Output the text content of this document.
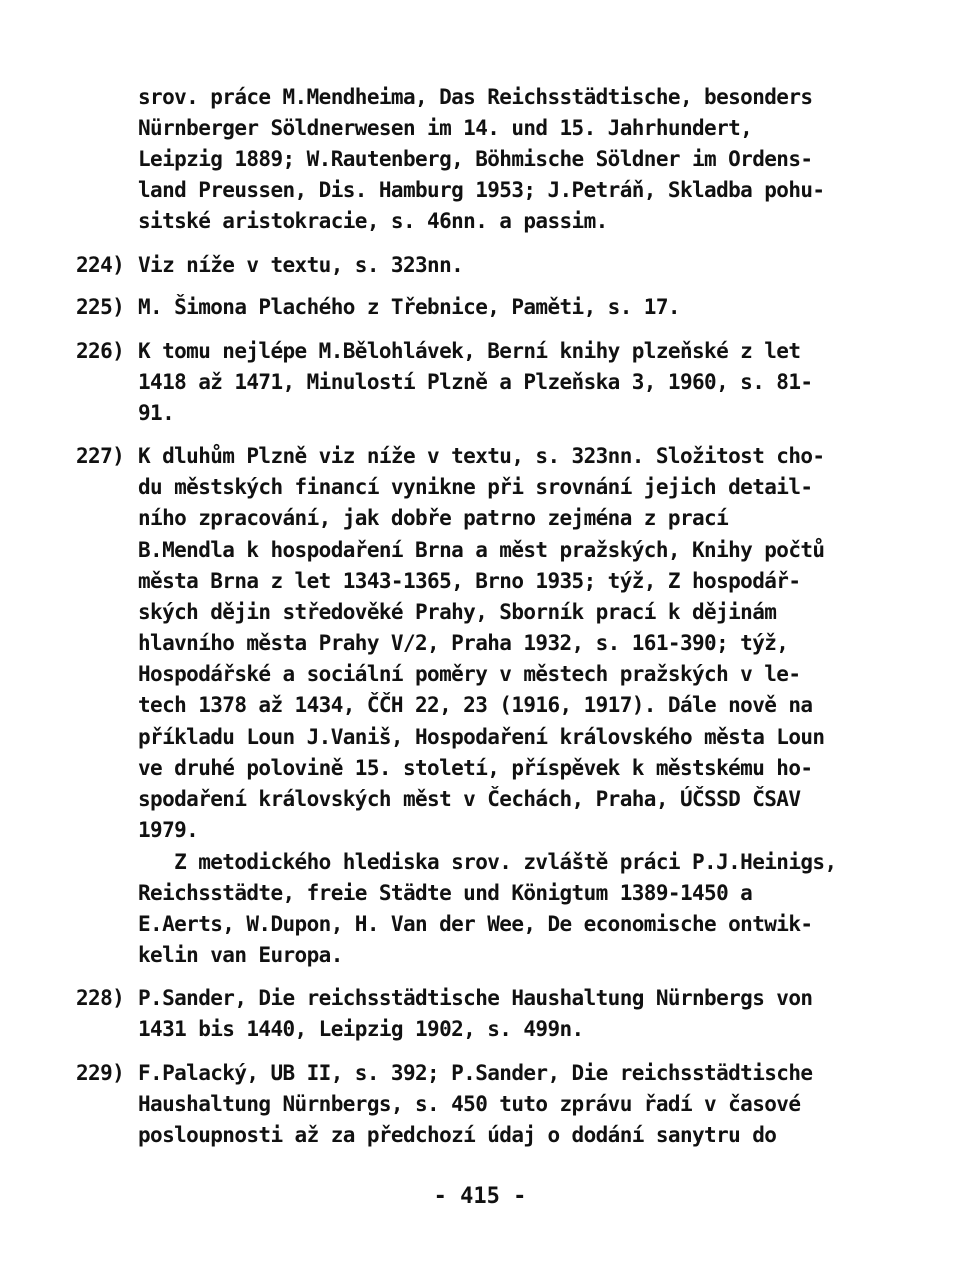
srov. práce M.Mendheima, Das Reichsstädtische, besonders
Nürnberger Söldnerwesen im 14. und 15. Jahrhundert,
Leipzig 1889; W.Rautenberg, Böhmische Söldner im Ordens-
land Preussen, Dis. Hamburg 1953; J.Petráň, Skladba pohu-
sitské aristokracie, s. 46nn. a passim.
224) Viz níže v textu, s. 323nn.
225) M. Šimona Plachého z Třebnice, Paměti, s. 17.
226) K tomu nejlépe M.Bělohlávek, Berní knihy plzeňské z let
1418 až 1471, Minulostí Plzně a Plzeňska 3, 1960, s. 81-
91.
227) K dluhům Plzně viz níže v textu, s. 323nn. Složitost cho-
du městských financí vynikne při srovnání jejich detail-
ního zpracování, jak dobře patrno zejména z prací
B.Mendla k hospodaření Brna a měst pražských, Knihy počtů
města Brna z let 1343-1365, Brno 1935; týž, Z hospodář-
ských dějin středověké Prahy, Sborník prací k dějinám
hlavního města Prahy V/2, Praha 1932, s. 161-390; týž,
Hospodářské a sociální poměry v městech pražských v le-
tech 1378 až 1434, ČČH 22, 23 (1916, 1917). Dále nově na
příkladu Loun J.Vaniš, Hospodaření královského města Loun
ve druhé polovině 15. století, příspěvek k městskému ho-
spodaření královských měst v Čechách, Praha, ÚČSSD ČSAV
1979.
Z metodického hlediska srov. zvláště práci P.J.Heinigs,
Reichsstädte, freie Städte und Königtum 1389-1450 a
E.Aerts, W.Dupon, H. Van der Wee, De economische ontwik-
kelin van Europa.
228) P.Sander, Die reichsstädtische Haushaltung Nürnbergs von
1431 bis 1440, Leipzig 1902, s. 499n.
229) F.Palacký, UB II, s. 392; P.Sander, Die reichsstädtische
Haushaltung Nürnbergs, s. 450 tuto zprávu řadí v časové
posloupnosti až za předchozí údaj o dodání sanytru do
- 415 -
